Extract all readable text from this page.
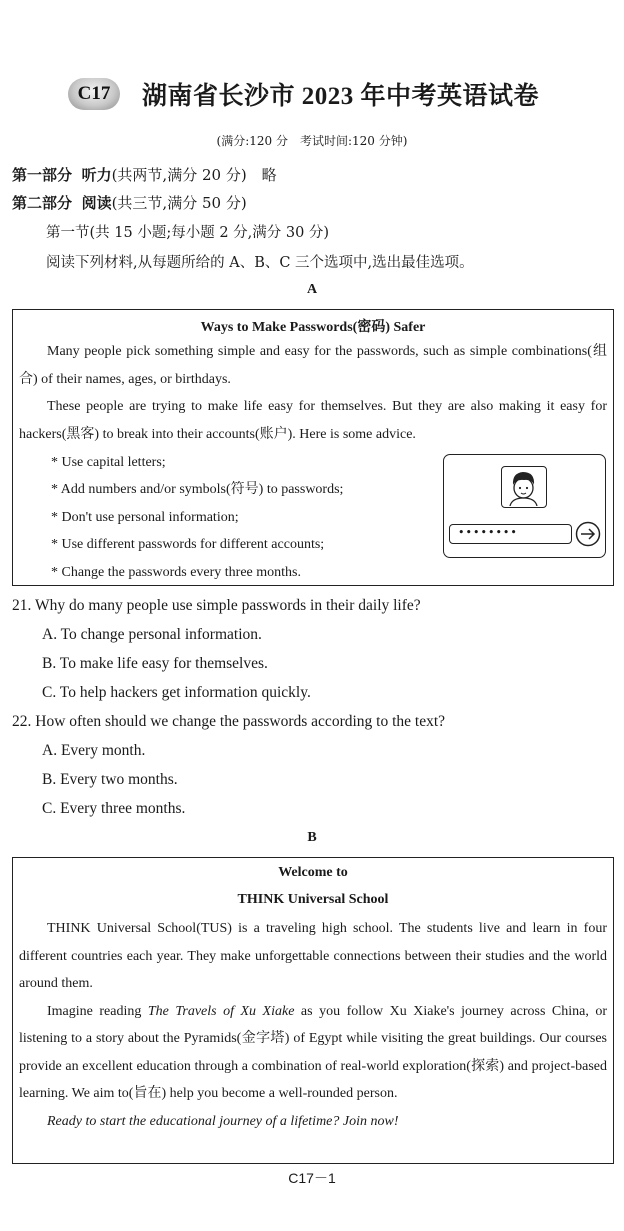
C17	湖南省长沙市 2023 年中考英语试卷
(满分:120 分　考试时间:120 分钟)
第一部分 听力(共两节,满分 20 分)　略
第二部分 阅读(共三节,满分 50 分)
第一节(共 15 小题;每小题 2 分,满分 30 分)
阅读下列材料,从每题所给的 A、B、C 三个选项中,选出最佳选项。
A
Ways to Make Passwords(密码) Safer

Many people pick something simple and easy for the passwords, such as simple combinations(组合) of their names, ages, or birthdays.

These people are trying to make life easy for themselves. But they are also making it easy for hackers(黑客) to break into their accounts(账户). Here is some advice.

* Use capital letters;
* Add numbers and/or symbols(符号) to passwords;
* Don't use personal information;
* Use different passwords for different accounts;
* Change the passwords every three months.
••••••••
21. Why do many people use simple passwords in their daily life?
A. To change personal information.
B. To make life easy for themselves.
C. To help hackers get information quickly.
22. How often should we change the passwords according to the text?
A. Every month.
B. Every two months.
C. Every three months.
B
Welcome to
THINK Universal School

THINK Universal School(TUS) is a traveling high school. The students live and learn in four different countries each year. They make unforgettable connections between their studies and the world around them.

Imagine reading The Travels of Xu Xiake as you follow Xu Xiake's journey across China, or listening to a story about the Pyramids(金字塔) of Egypt while visiting the great buildings. Our courses provide an excellent education through a combination of real-world exploration(探索) and project-based learning. We aim to(旨在) help you become a well-rounded person.

Ready to start the educational journey of a lifetime? Join now!

C17－1
